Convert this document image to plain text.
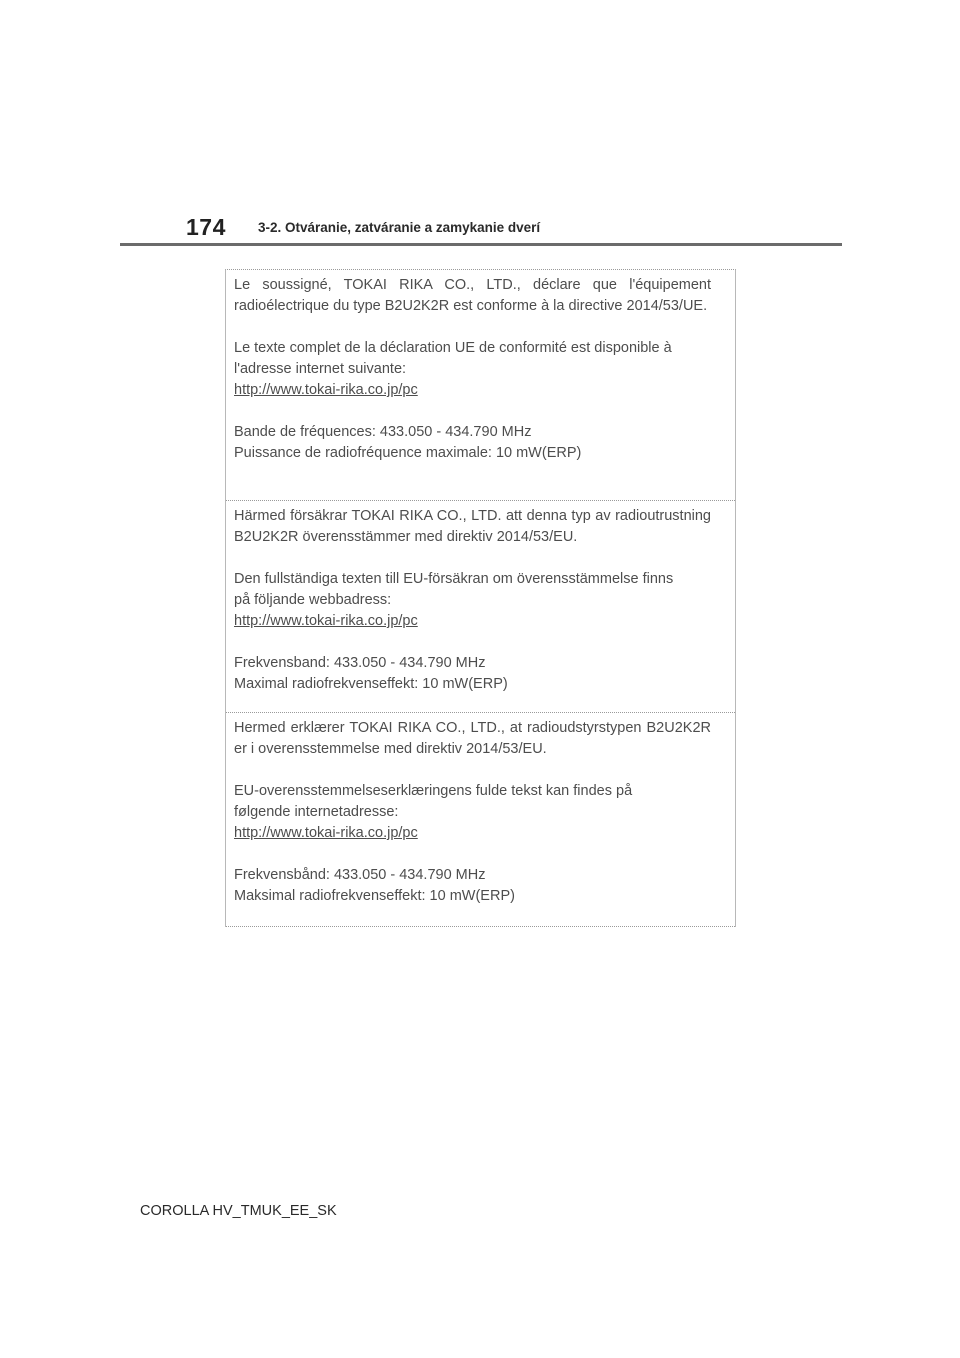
174 3-2. Otváranie, zatváranie a zamykanie dverí

Le soussigné, TOKAI RIKA CO., LTD., déclare que l'équipement radioélectrique du type B2U2K2R est conforme à la directive 2014/53/UE.

Le texte complet de la déclaration UE de conformité est disponible à
l'adresse internet suivante:
http://www.tokai-rika.co.jp/pc

Bande de fréquences: 433.050 - 434.790 MHz
Puissance de radiofréquence maximale: 10 mW(ERP)

Härmed försäkrar TOKAI RIKA CO., LTD. att denna typ av radioutrustning B2U2K2R överensstämmer med direktiv 2014/53/EU.

Den fullständiga texten till EU-försäkran om överensstämmelse finns
på följande webbadress:
http://www.tokai-rika.co.jp/pc

Frekvensband: 433.050 - 434.790 MHz
Maximal radiofrekvenseffekt: 10 mW(ERP)

Hermed erklærer TOKAI RIKA CO., LTD., at radioudstyrstypen B2U2K2R er i overensstemmelse med direktiv 2014/53/EU.

EU-overensstemmelseserklæringens fulde tekst kan findes på
følgende internetadresse:
http://www.tokai-rika.co.jp/pc

Frekvensbånd: 433.050 - 434.790 MHz
Maksimal radiofrekvenseffekt: 10 mW(ERP)

COROLLA HV_TMUK_EE_SK
